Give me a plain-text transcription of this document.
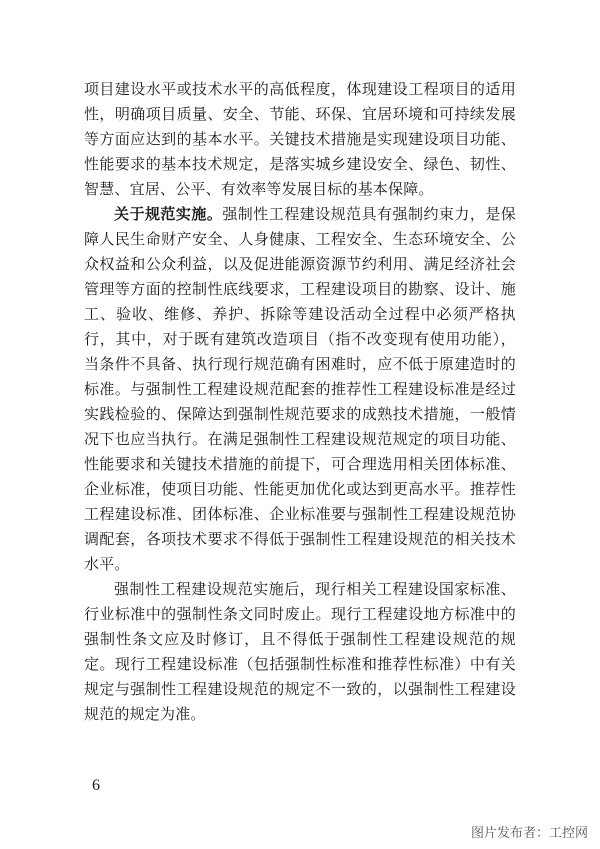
项目建设水平或技术水平的高低程度，体现建设工程项目的适用性，明确项目质量、安全、节能、环保、宜居环境和可持续发展等方面应达到的基本水平。关键技术措施是实现建设项目功能、性能要求的基本技术规定，是落实城乡建设安全、绿色、韧性、智慧、宜居、公平、有效率等发展目标的基本保障。

关于规范实施。强制性工程建设规范具有强制约束力，是保障人民生命财产安全、人身健康、工程安全、生态环境安全、公众权益和公众利益，以及促进能源资源节约利用、满足经济社会管理等方面的控制性底线要求，工程建设项目的勘察、设计、施工、验收、维修、养护、拆除等建设活动全过程中必须严格执行，其中，对于既有建筑改造项目（指不改变现有使用功能），当条件不具备、执行现行规范确有困难时，应不低于原建造时的标准。与强制性工程建设规范配套的推荐性工程建设标准是经过实践检验的、保障达到强制性规范要求的成熟技术措施，一般情况下也应当执行。在满足强制性工程建设规范规定的项目功能、性能要求和关键技术措施的前提下，可合理选用相关团体标准、企业标准，使项目功能、性能更加优化或达到更高水平。推荐性工程建设标准、团体标准、企业标准要与强制性工程建设规范协调配套，各项技术要求不得低于强制性工程建设规范的相关技术水平。

强制性工程建设规范实施后，现行相关工程建设国家标准、行业标准中的强制性条文同时废止。现行工程建设地方标准中的强制性条文应及时修订，且不得低于强制性工程建设规范的规定。现行工程建设标准（包括强制性标准和推荐性标准）中有关规定与强制性工程建设规范的规定不一致的，以强制性工程建设规范的规定为准。

6
图片发布者：工控网
